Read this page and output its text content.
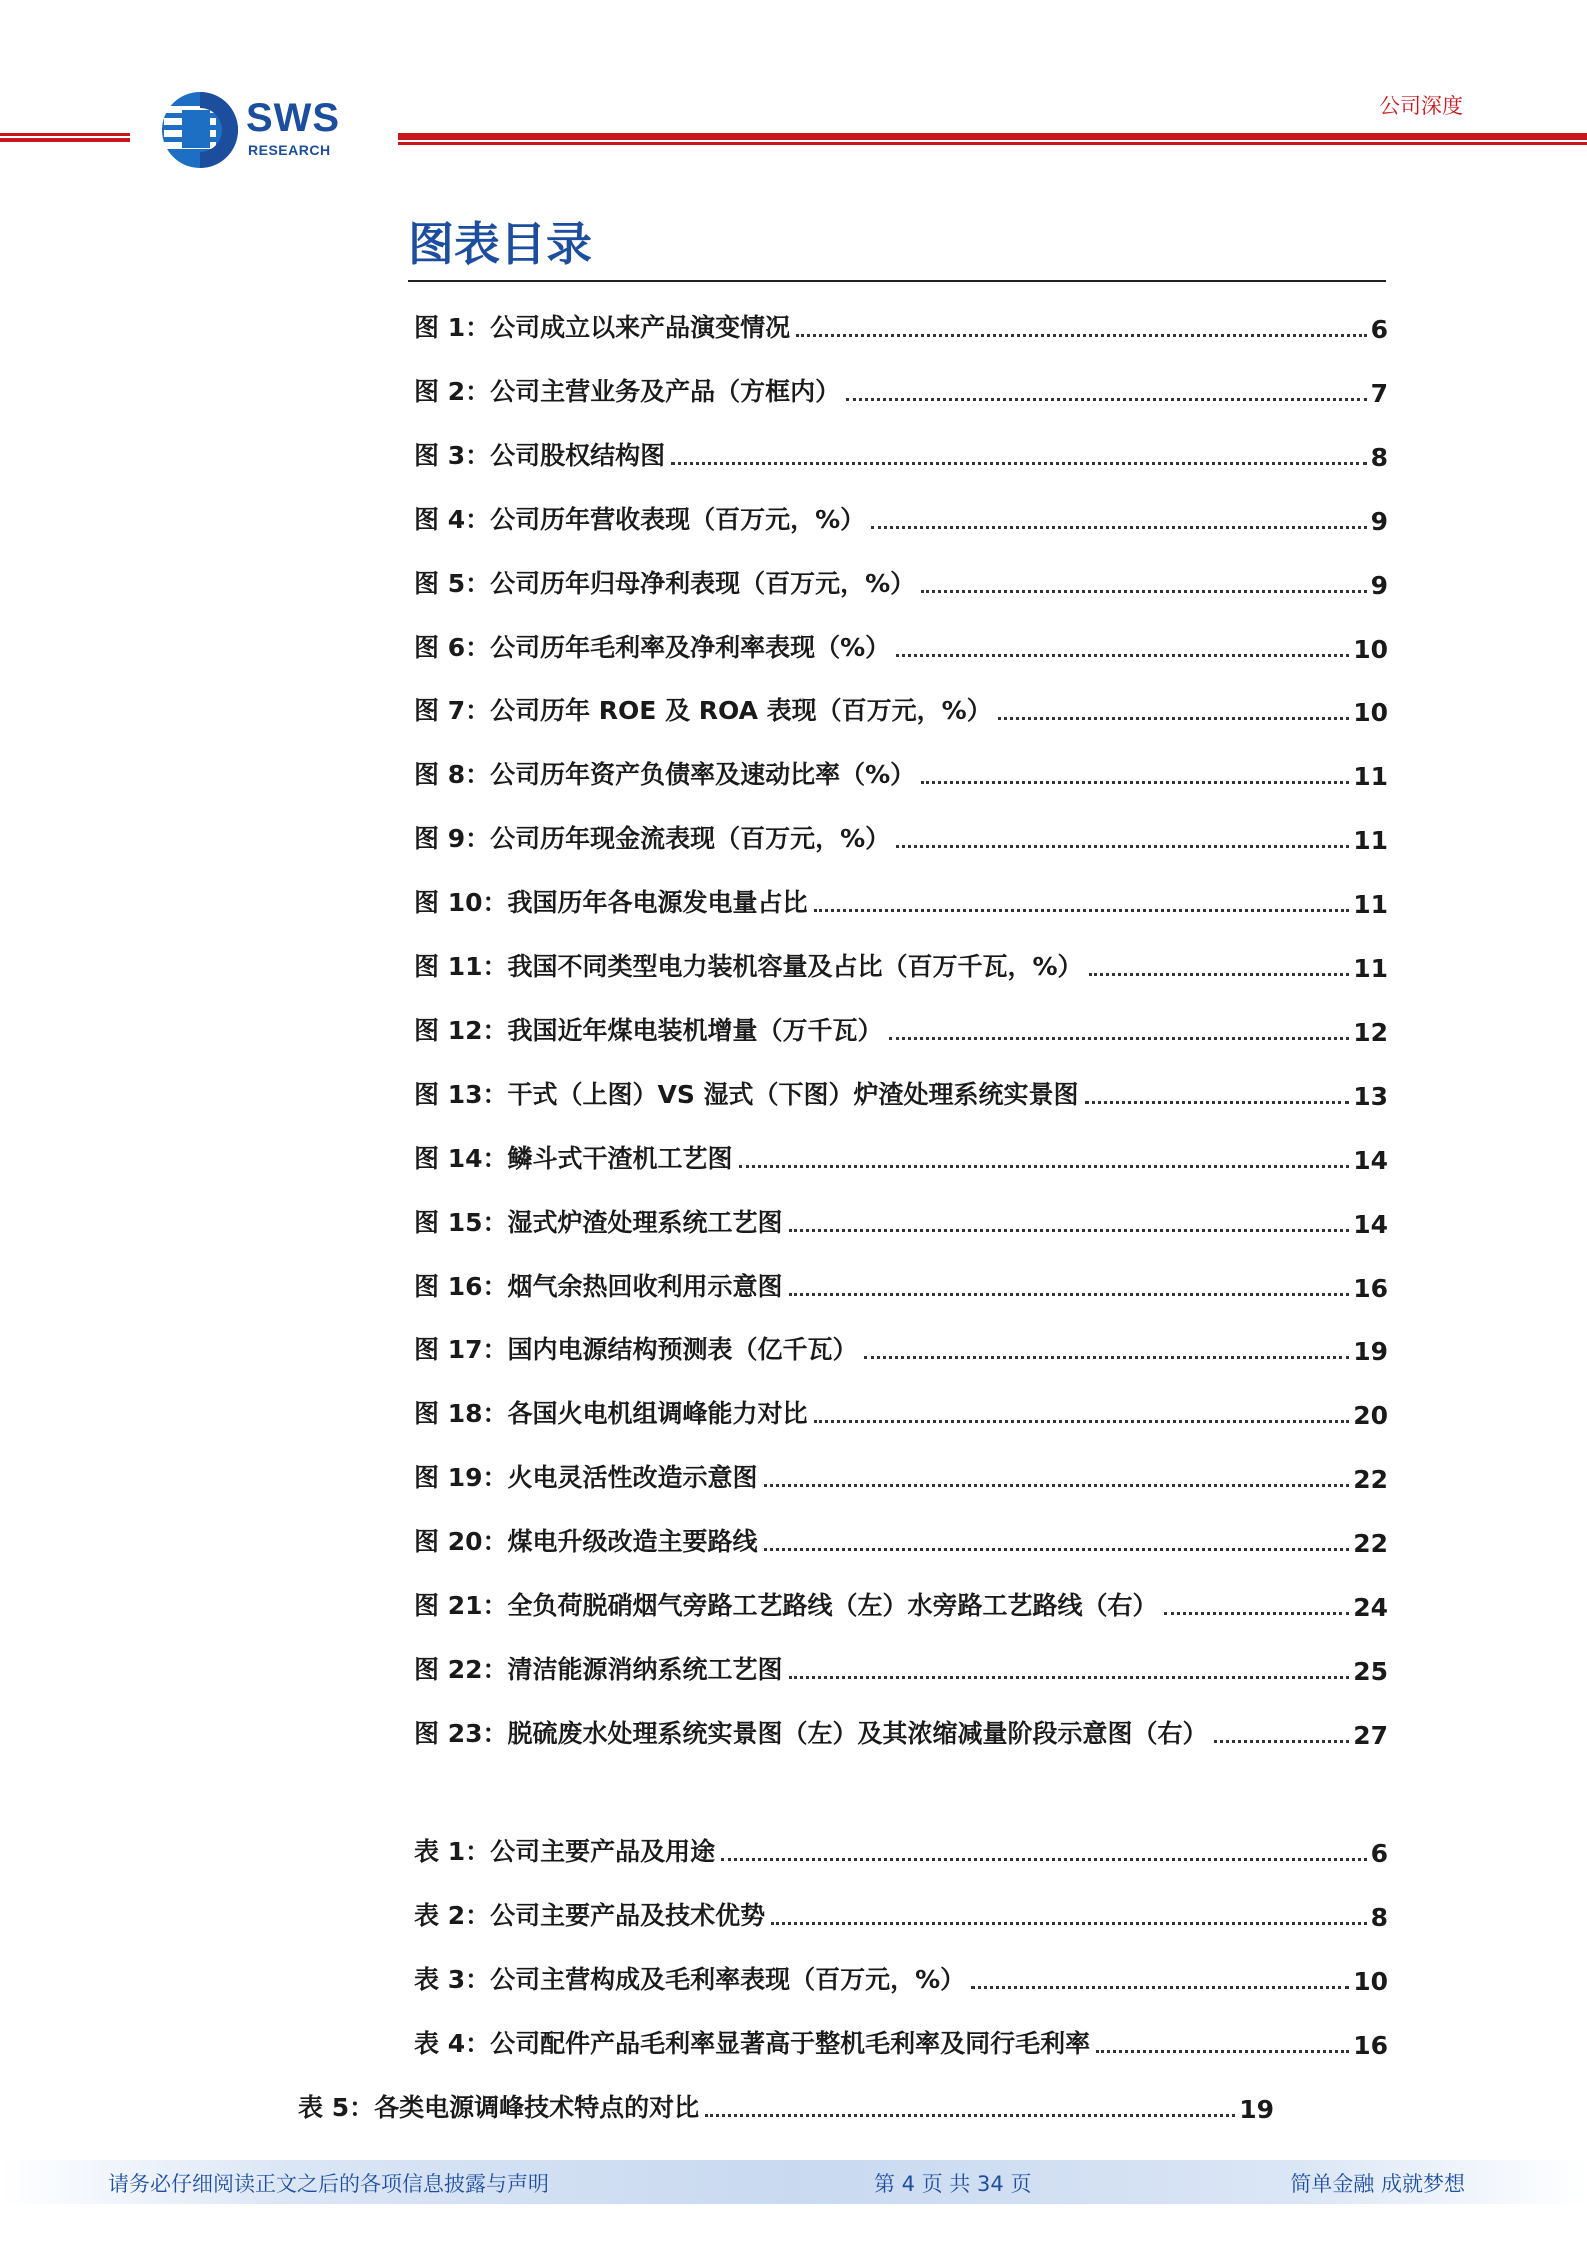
SWS
RESEARCH
公司深度
图表目录
图 1：公司成立以来产品演变情况	6
图 2：公司主营业务及产品（方框内）	7
图 3：公司股权结构图	8
图 4：公司历年营收表现（百万元，%）	9
图 5：公司历年归母净利表现（百万元，%）	9
图 6：公司历年毛利率及净利率表现（%）	10
图 7：公司历年 ROE 及 ROA 表现（百万元，%）	10
图 8：公司历年资产负债率及速动比率（%）	11
图 9：公司历年现金流表现（百万元，%）	11
图 10：我国历年各电源发电量占比	11
图 11：我国不同类型电力装机容量及占比（百万千瓦，%）	11
图 12：我国近年煤电装机增量（万千瓦）	12
图 13：干式（上图）VS 湿式（下图）炉渣处理系统实景图	13
图 14：鳞斗式干渣机工艺图	14
图 15：湿式炉渣处理系统工艺图	14
图 16：烟气余热回收利用示意图	16
图 17：国内电源结构预测表（亿千瓦）	19
图 18：各国火电机组调峰能力对比	20
图 19：火电灵活性改造示意图	22
图 20：煤电升级改造主要路线	22
图 21：全负荷脱硝烟气旁路工艺路线（左）水旁路工艺路线（右）	24
图 22：清洁能源消纳系统工艺图	25
图 23：脱硫废水处理系统实景图（左）及其浓缩减量阶段示意图（右）	27
表 1：公司主要产品及用途	6
表 2：公司主要产品及技术优势	8
表 3：公司主营构成及毛利率表现（百万元，%）	10
表 4：公司配件产品毛利率显著高于整机毛利率及同行毛利率	16
表 5：各类电源调峰技术特点的对比	19
请务必仔细阅读正文之后的各项信息披露与声明	第 4 页 共 34 页	简单金融 成就梦想
